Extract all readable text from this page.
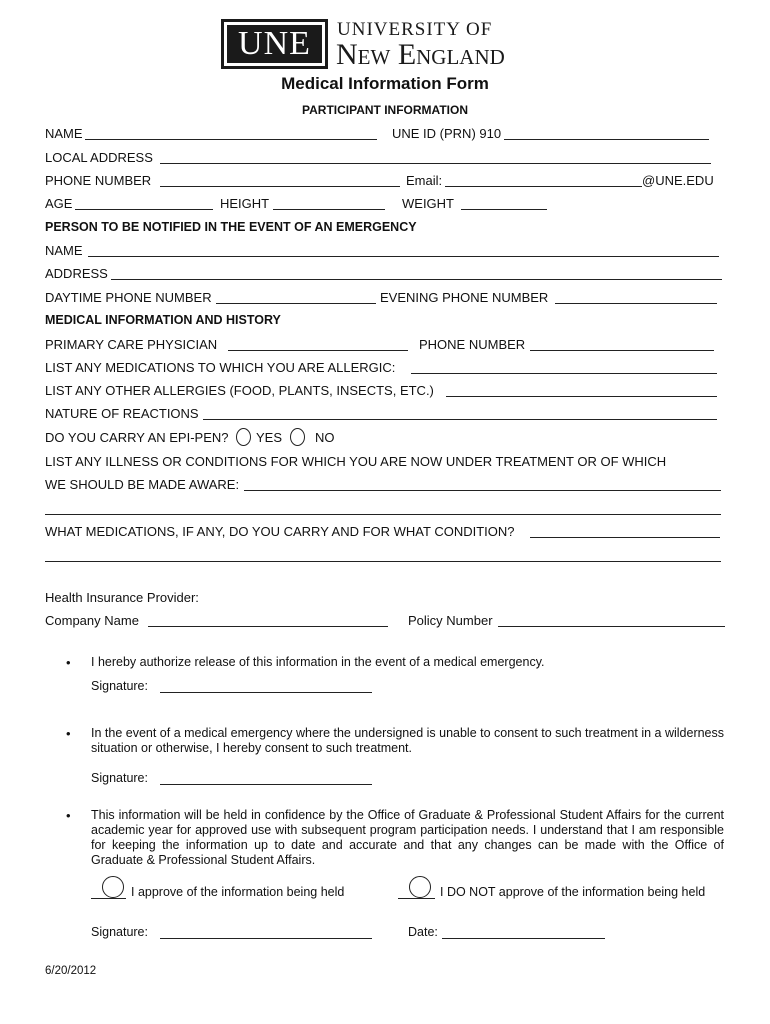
UNE	UNIVERSITY OF
New England
Medical Information Form
PARTICIPANT INFORMATION
NAME	UNE ID (PRN) 910
LOCAL ADDRESS
PHONE NUMBER	Email:	@UNE.EDU
AGE	HEIGHT	WEIGHT
PERSON TO BE NOTIFIED IN THE EVENT OF AN EMERGENCY
NAME
ADDRESS
DAYTIME PHONE NUMBER	EVENING PHONE NUMBER
MEDICAL INFORMATION AND HISTORY
PRIMARY CARE PHYSICIAN	PHONE NUMBER
LIST ANY MEDICATIONS TO WHICH YOU ARE ALLERGIC:
LIST ANY OTHER ALLERGIES (FOOD, PLANTS, INSECTS, ETC.)
NATURE OF REACTIONS
DO YOU CARRY AN EPI-PEN? YES	NO
LIST ANY ILLNESS OR CONDITIONS FOR WHICH YOU ARE NOW UNDER TREATMENT OR OF WHICH
WE SHOULD BE MADE AWARE:
WHAT MEDICATIONS, IF ANY, DO YOU CARRY AND FOR WHAT CONDITION?
Health Insurance Provider:
Company Name	Policy Number
• I hereby authorize release of this information in the event of a medical emergency.
Signature:
• In the event of a medical emergency where the undersigned is unable to consent to such treatment in a wilderness situation or otherwise, I hereby consent to such treatment.
Signature:
• This information will be held in confidence by the Office of Graduate & Professional Student Affairs for the current academic year for approved use with subsequent program participation needs. I understand that I am responsible for keeping the information up to date and accurate and that any changes can be made with the Office of Graduate & Professional Student Affairs.
I approve of the information being held	I DO NOT approve of the information being held
Signature:	Date:
6/20/2012
